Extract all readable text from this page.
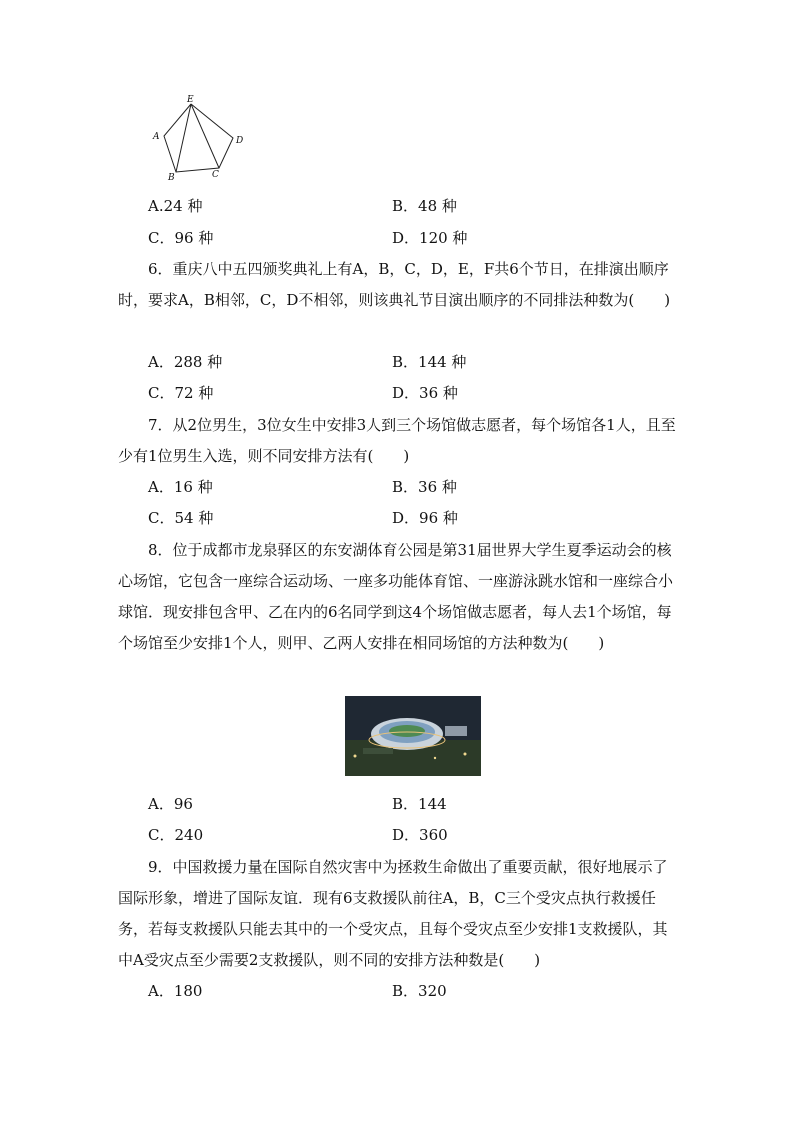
E
A	D
B	C
A.24 种	B．48 种
C．96 种	D．120 种
6．重庆八中五四颁奖典礼上有A，B，C，D，E，F共6个节日，在排演出顺序时，要求A，B相邻，C，D不相邻，则该典礼节目演出顺序的不同排法种数为(　　)
A．288 种	B．144 种
C．72 种	D．36 种
7．从2位男生，3位女生中安排3人到三个场馆做志愿者，每个场馆各1人，且至少有1位男生入选，则不同安排方法有(　　)
A．16 种	B．36 种
C．54 种	D．96 种
8．位于成都市龙泉驿区的东安湖体育公园是第31届世界大学生夏季运动会的核心场馆，它包含一座综合运动场、一座多功能体育馆、一座游泳跳水馆和一座综合小球馆．现安排包含甲、乙在内的6名同学到这4个场馆做志愿者，每人去1个场馆，每个场馆至少安排1个人，则甲、乙两人安排在相同场馆的方法种数为(　　)
A．96	B．144
C．240	D．360
9．中国救援力量在国际自然灾害中为拯救生命做出了重要贡献，很好地展示了国际形象，增进了国际友谊．现有6支救援队前往A，B，C三个受灾点执行救援任务，若每支救援队只能去其中的一个受灾点，且每个受灾点至少安排1支救援队，其中A受灾点至少需要2支救援队，则不同的安排方法种数是(　　)
A．180	B．320
